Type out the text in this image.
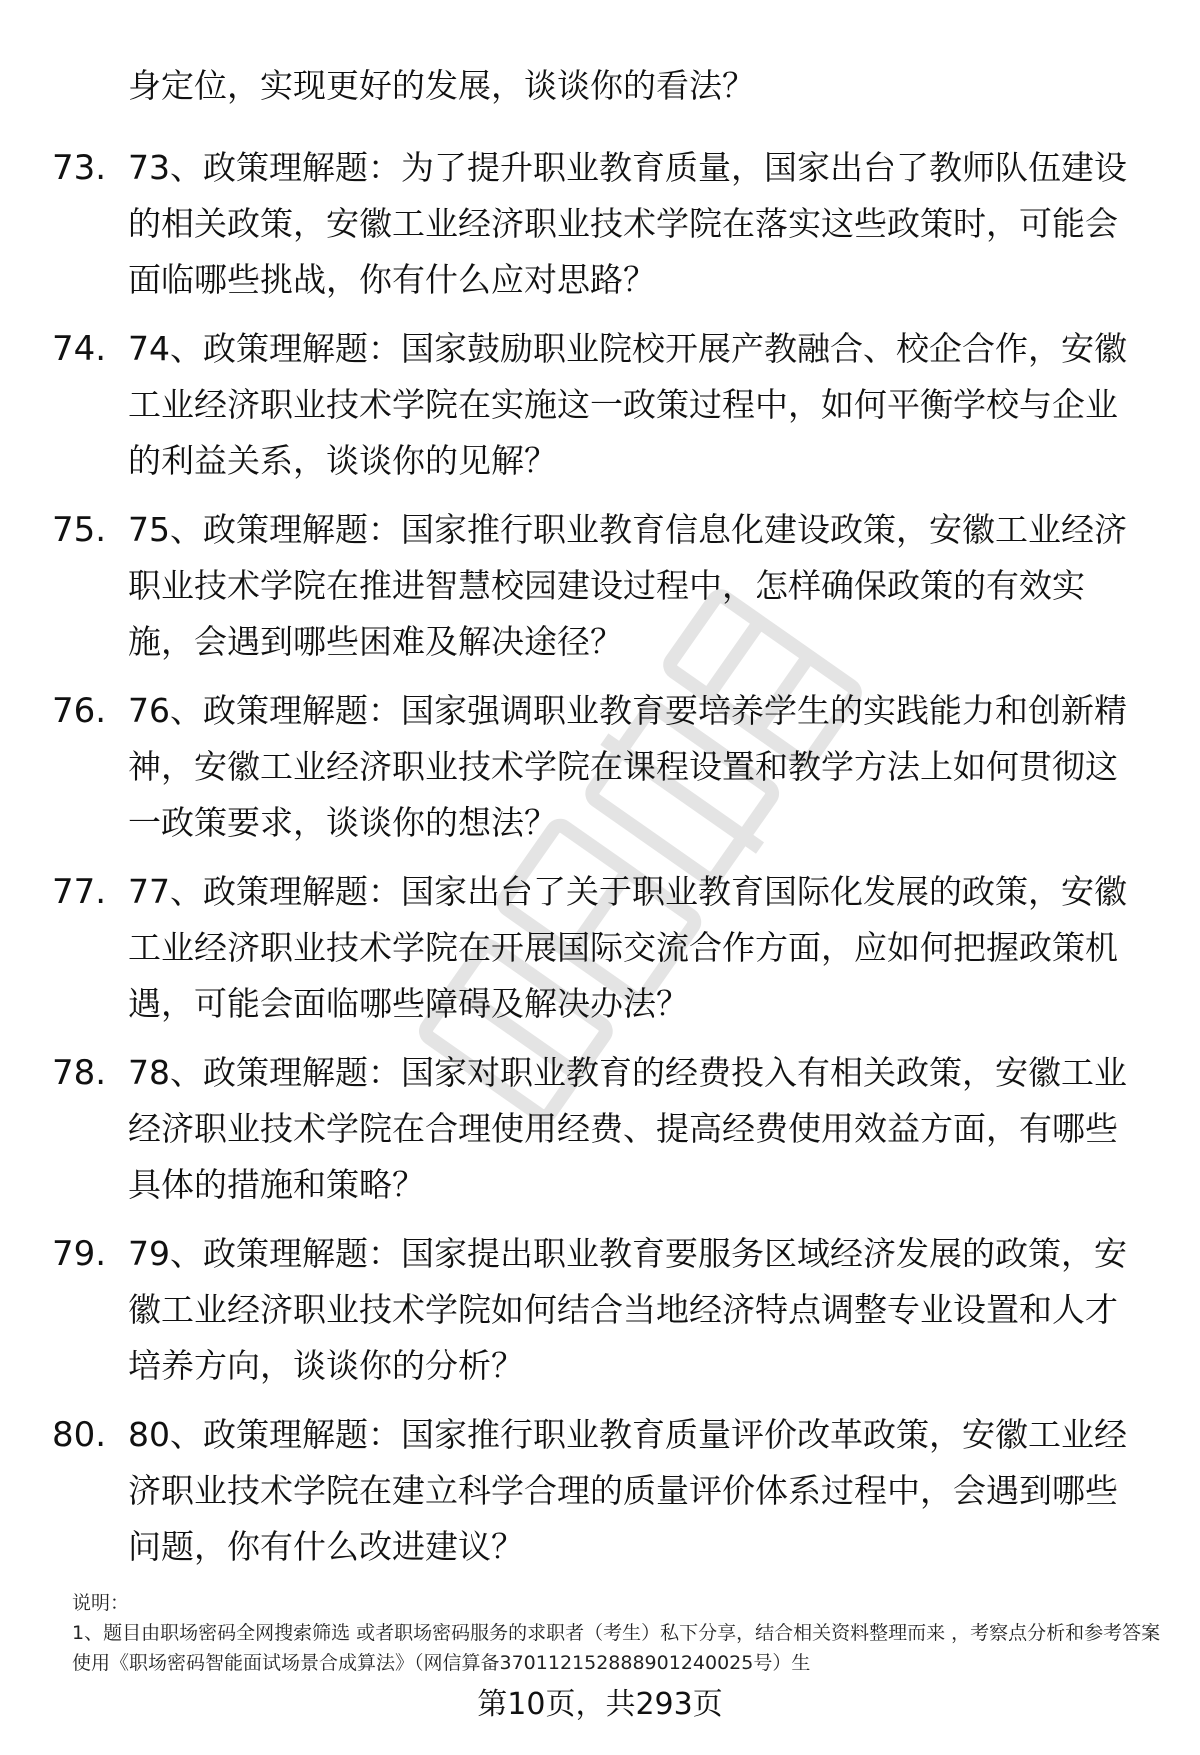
身定位，实现更好的发展，谈谈你的看法？
73. 73、政策理解题：为了提升职业教育质量，国家出台了教师队伍建设的相关政策，安徽工业经济职业技术学院在落实这些政策时，可能会面临哪些挑战，你有什么应对思路？
74. 74、政策理解题：国家鼓励职业院校开展产教融合、校企合作，安徽工业经济职业技术学院在实施这一政策过程中，如何平衡学校与企业的利益关系，谈谈你的见解？
75. 75、政策理解题：国家推行职业教育信息化建设政策，安徽工业经济职业技术学院在推进智慧校园建设过程中，怎样确保政策的有效实施，会遇到哪些困难及解决途径？
76. 76、政策理解题：国家强调职业教育要培养学生的实践能力和创新精神，安徽工业经济职业技术学院在课程设置和教学方法上如何贯彻这一政策要求，谈谈你的想法？
77. 77、政策理解题：国家出台了关于职业教育国际化发展的政策，安徽工业经济职业技术学院在开展国际交流合作方面，应如何把握政策机遇，可能会面临哪些障碍及解决办法？
78. 78、政策理解题：国家对职业教育的经费投入有相关政策，安徽工业经济职业技术学院在合理使用经费、提高经费使用效益方面，有哪些具体的措施和策略？
79. 79、政策理解题：国家提出职业教育要服务区域经济发展的政策，安徽工业经济职业技术学院如何结合当地经济特点调整专业设置和人才培养方向，谈谈你的分析？
80. 80、政策理解题：国家推行职业教育质量评价改革政策，安徽工业经济职业技术学院在建立科学合理的质量评价体系过程中，会遇到哪些问题，你有什么改进建议？
说明：
1、题目由职场密码全网搜索筛选 或者职场密码服务的求职者（考生）私下分享，结合相关资料整理而来 ，考察点分析和参考答案使用《职场密码智能面试场景合成算法》（网信算备370112152888901240025号）生
第10页，共293页
